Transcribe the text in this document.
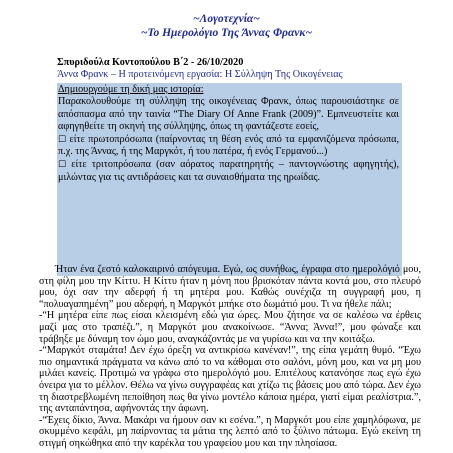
~Λογοτεχνία~
~Το Ημερολόγιο Της Άννας Φρανκ~
Σπυριδούλα Κοντοπούλου Β΄2 - 26/10/2020
Άννα Φρανκ – Η προτεινόμενη εργασία: Η Σύλληψη Της Οικογένειας
Δημιουργούμε τη δική μας ιστορία:

Παρακολουθούμε τη σύλληψη της οικογένειας Φρανκ, όπως παρουσιάστηκε σε απόσπασμα από την ταινία “The Diary Of Anne Frank (2009)”. Εμπνευστείτε και αφηγηθείτε τη σκηνή της σύλληψης, όπως τη φαντάζεστε εσείς,

☐ είτε πρωτοπρόσωπα (παίρνοντας τη θέση ενός από τα εμφανιζόμενα πρόσωπα, π.χ. της Άννας, ή της Μαργκότ, ή του πατέρα, ή ενός Γερμανού...)

☐ είτε τριτοπρόσωπα (σαν αόρατος παρατηρητής – παντογνώστης αφηγητής), μιλώντας για τις αντιδράσεις και τα συναισθήματα της ηρωίδας.

Ήταν ένα ζεστό καλοκαιρινό απόγευμα. Εγώ, ως συνήθως, έγραφα στο ημερολόγιό μου, στη φίλη μου την Κίττυ. Η Κίττυ ήταν η μόνη που βρισκόταν πάντα κοντά μου, στο πλευρό μου, όχι σαν την αδερφή ή τη μητέρα μου. Καθώς συνέχιζα τη συγγραφή μου, η “πολυαγαπημένη” μου αδερφή, η Μαργκότ μπήκε στο δωμάτιό μου. Τι να ήθελε πάλι;

-“Η μητέρα είπε πως είσαι κλεισμένη εδώ για ώρες. Μου ζήτησε να σε καλέσω να έρθεις μαζί μας στο τραπέζι.”, η Μαργκότ μου ανακοίνωσε. “Άννα; Άννα!”, μου φώναξε και τράβηξε με δύναμη τον ώμο μου, αναγκάζοντάς με να γυρίσω και να την κοιτάξω.

-“Μαργκότ σταμάτα! Δεν έχω όρεξη να αντικρίσω κανέναν!”, της είπα γεμάτη θυμό. “Έχω πιο σημαντικά πράγματα να κάνω από το να κάθομαι στο σαλόνι, μόνη μου, και να μη μου μιλάει κανείς. Προτιμώ να γράφω στο ημερολόγιό μου. Επιτέλους κατανόησε πως εγώ έχω όνειρα για το μέλλον. Θέλω να γίνω συγγραφέας και χτίζω τις βάσεις μου από τώρα. Δεν έχω τη διαστρεβλωμένη πεποίθηση πως θα γίνω μοντέλο κάποια ημέρα, γιατί είμαι ρεαλίστρια.”, της ανταπάντησα, αφήνοντάς την άφωνη.

-“Έχεις δίκιο, Άννα. Μακάρι να ήμουν σαν κι εσένα.”, η Μαργκότ μου είπε χαμηλόφωνα, με σκυμμένο κεφάλι, μη παίρνοντας τα μάτια της λεπτό από το ξύλινο πάτωμα. Εγώ εκείνη τη στιγμή σηκώθηκα από την καρέκλα του γραφείου μου και την πλησίασα.
